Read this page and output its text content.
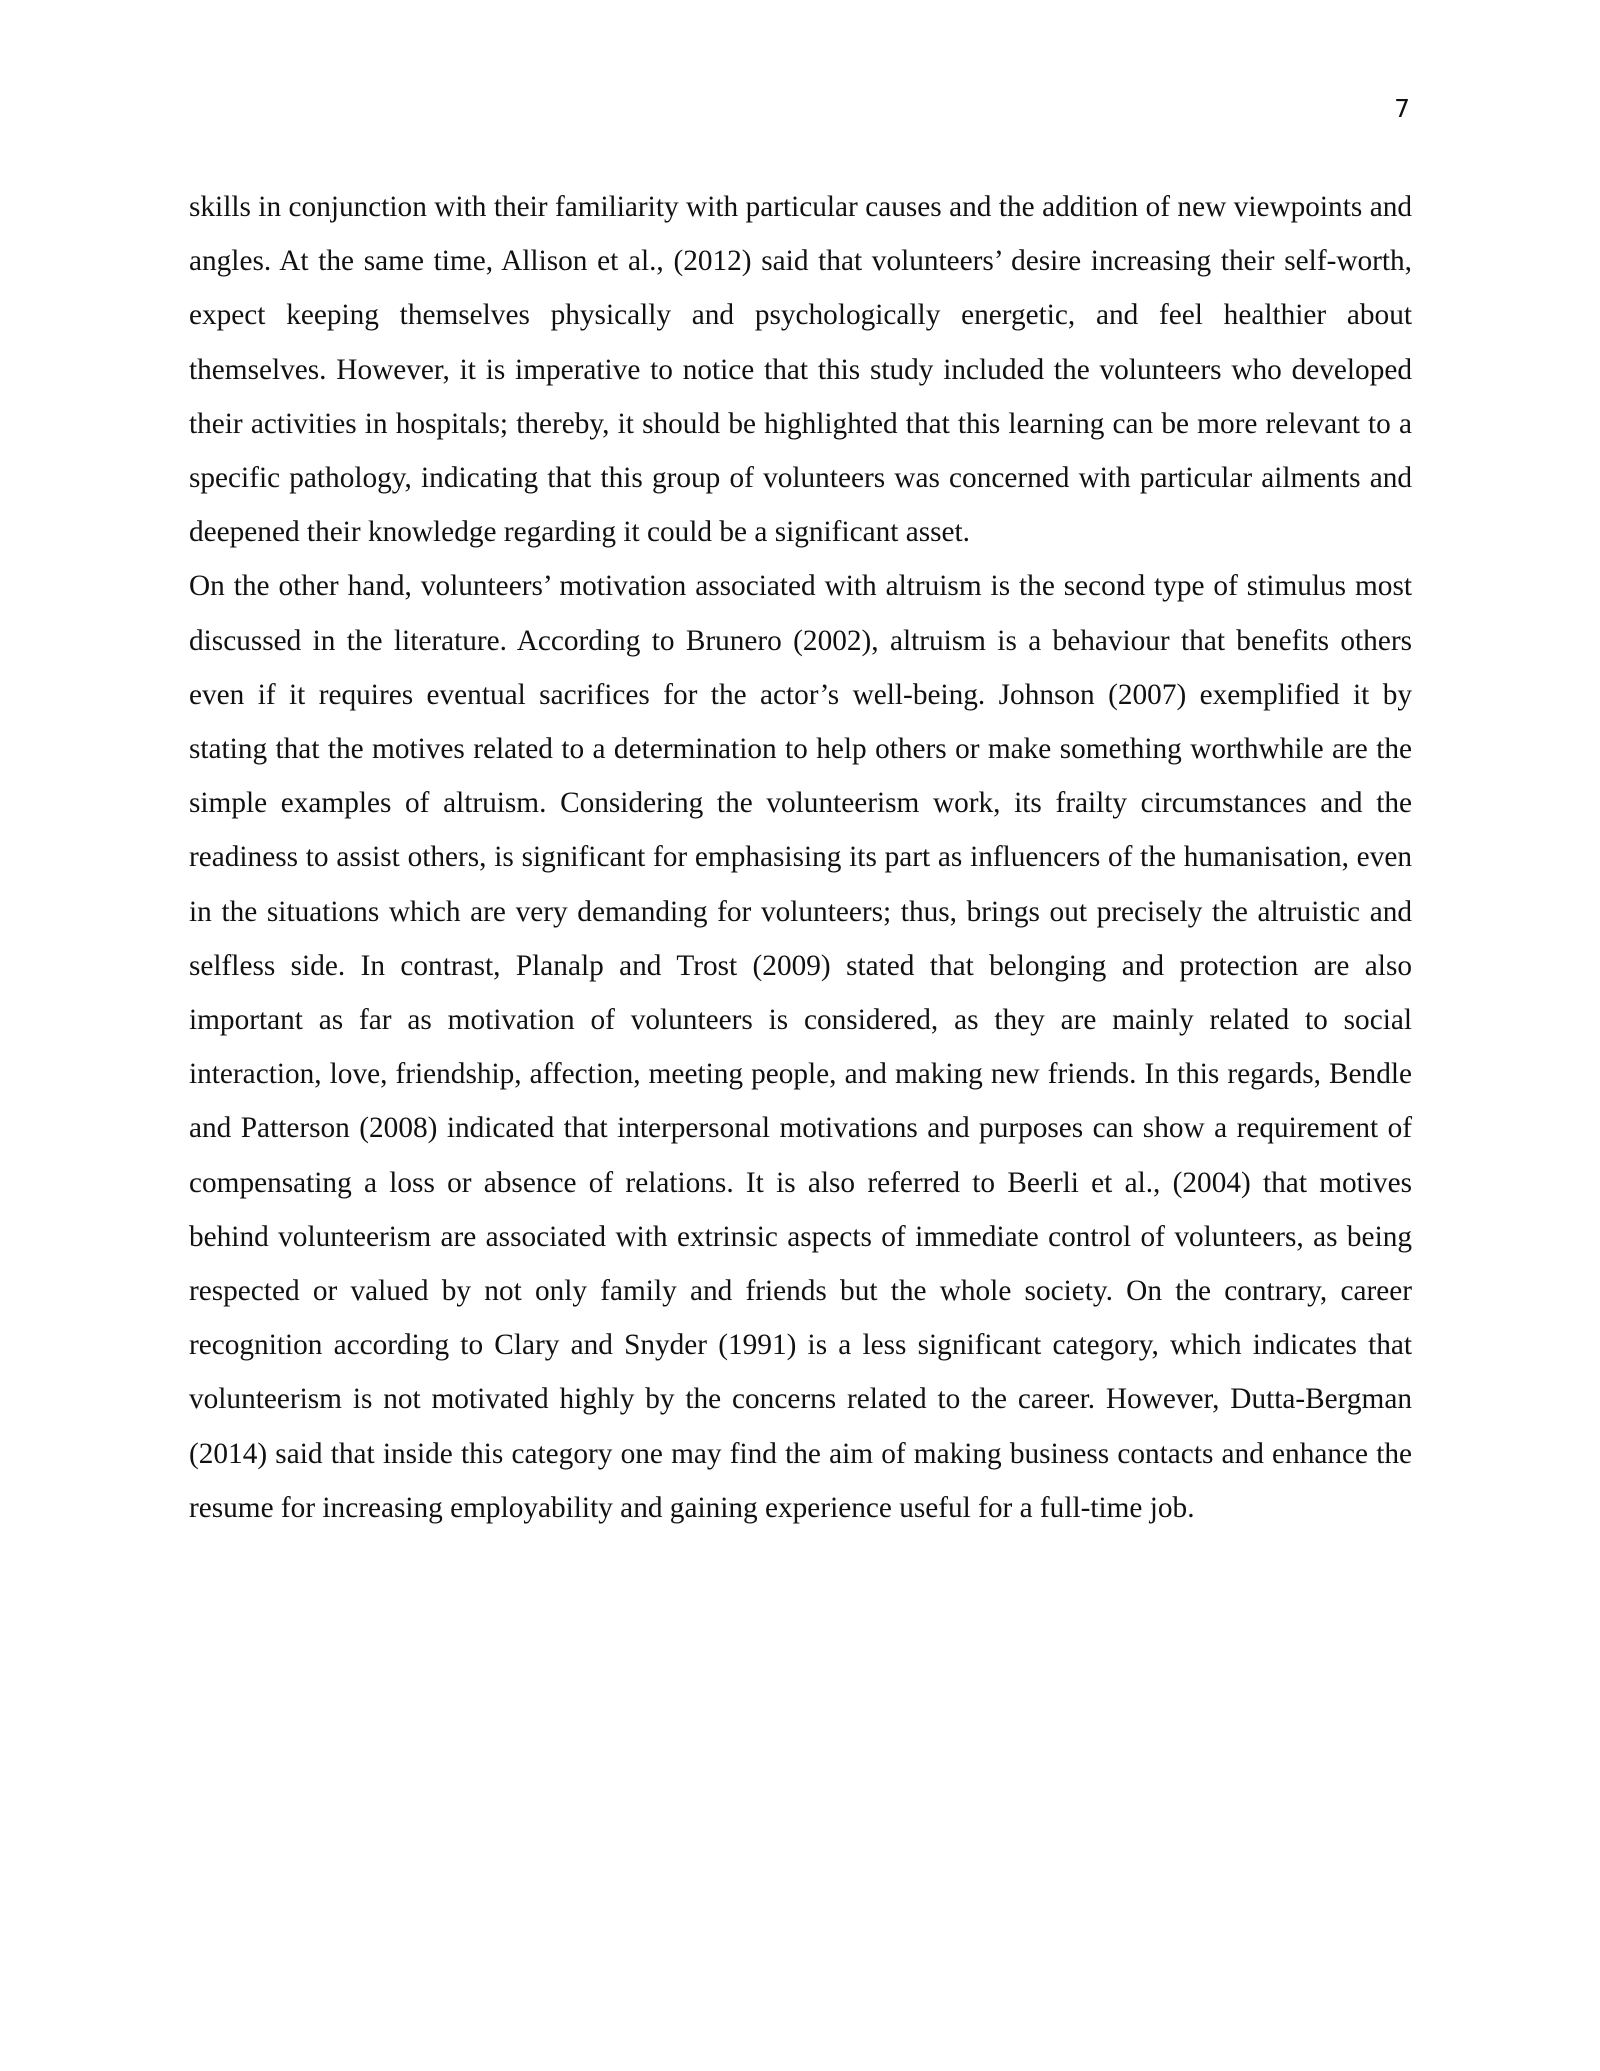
7

skills in conjunction with their familiarity with particular causes and the addition of new viewpoints and angles. At the same time, Allison et al., (2012) said that volunteers’ desire increasing their self-worth, expect keeping themselves physically and psychologically energetic, and feel healthier about themselves. However, it is imperative to notice that this study included the volunteers who developed their activities in hospitals; thereby, it should be highlighted that this learning can be more relevant to a specific pathology, indicating that this group of volunteers was concerned with particular ailments and deepened their knowledge regarding it could be a significant asset.

On the other hand, volunteers’ motivation associated with altruism is the second type of stimulus most discussed in the literature. According to Brunero (2002), altruism is a behaviour that benefits others even if it requires eventual sacrifices for the actor’s well-being. Johnson (2007) exemplified it by stating that the motives related to a determination to help others or make something worthwhile are the simple examples of altruism. Considering the volunteerism work, its frailty circumstances and the readiness to assist others, is significant for emphasising its part as influencers of the humanisation, even in the situations which are very demanding for volunteers; thus, brings out precisely the altruistic and selfless side. In contrast, Planalp and Trost (2009) stated that belonging and protection are also important as far as motivation of volunteers is considered, as they are mainly related to social interaction, love, friendship, affection, meeting people, and making new friends. In this regards, Bendle and Patterson (2008) indicated that interpersonal motivations and purposes can show a requirement of compensating a loss or absence of relations. It is also referred to Beerli et al., (2004) that motives behind volunteerism are associated with extrinsic aspects of immediate control of volunteers, as being respected or valued by not only family and friends but the whole society. On the contrary, career recognition according to Clary and Snyder (1991) is a less significant category, which indicates that volunteerism is not motivated highly by the concerns related to the career. However, Dutta-Bergman (2014) said that inside this category one may find the aim of making business contacts and enhance the resume for increasing employability and gaining experience useful for a full-time job.
